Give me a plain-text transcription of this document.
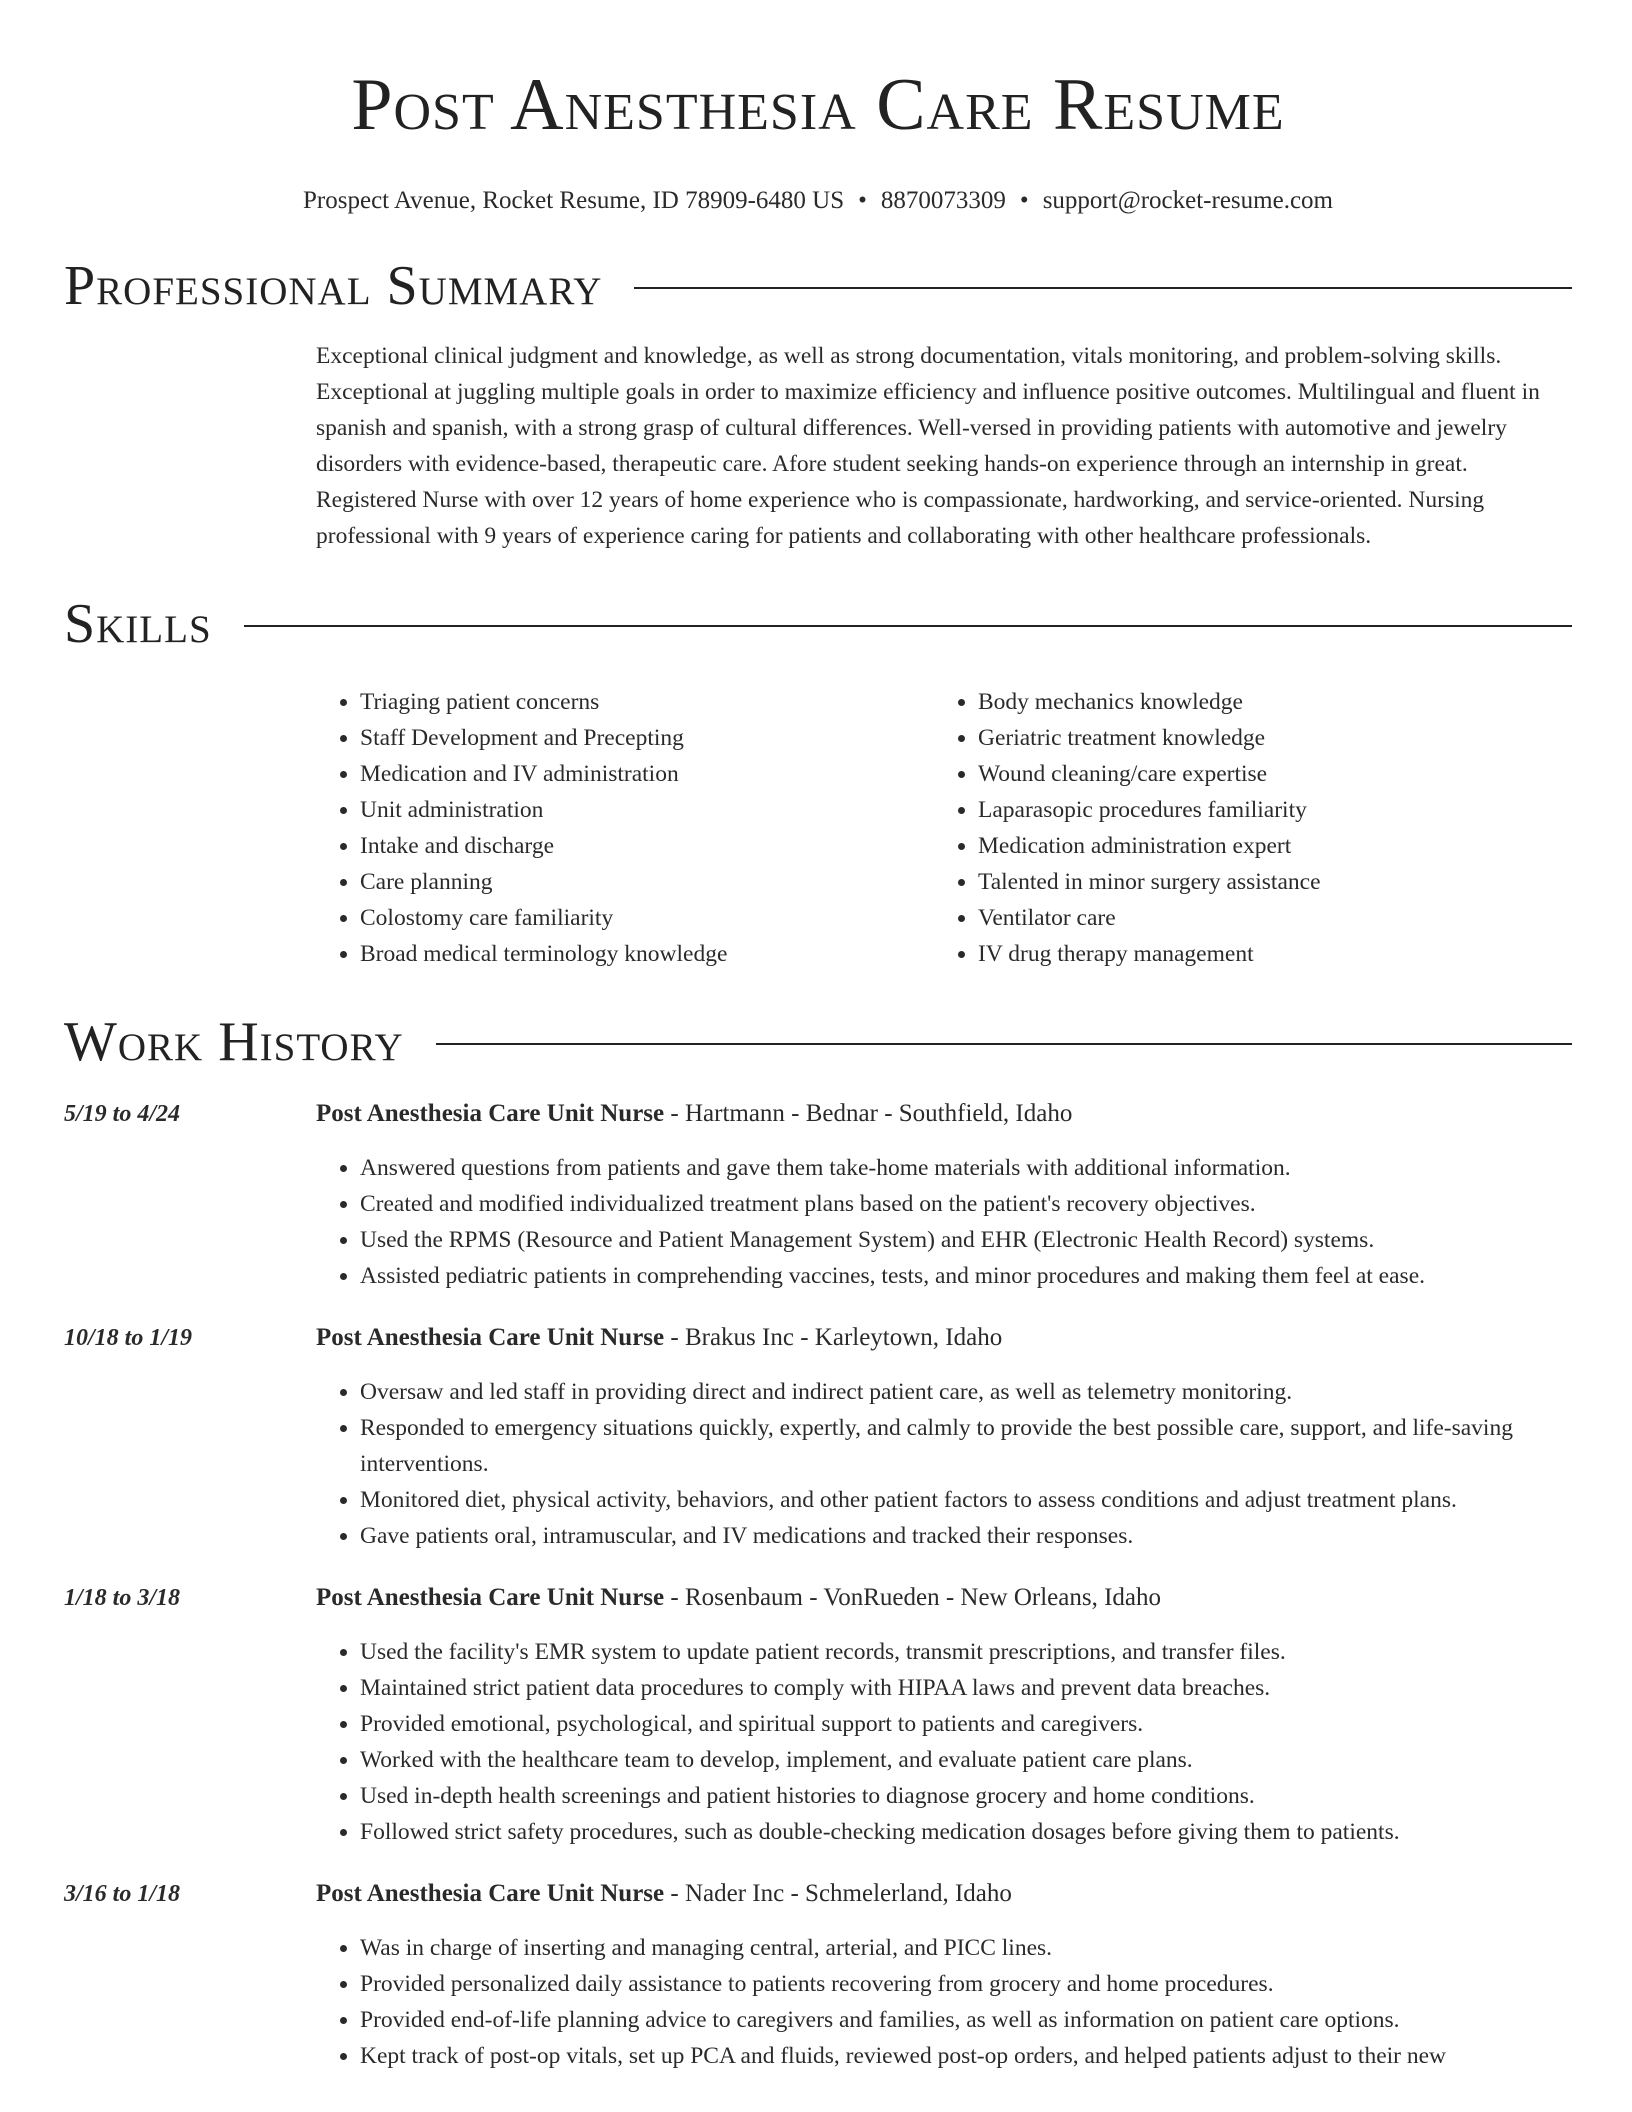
Post Anesthesia Care Resume
Prospect Avenue, Rocket Resume, ID 78909-6480 US • 8870073309 • support@rocket-resume.com
Professional Summary
Exceptional clinical judgment and knowledge, as well as strong documentation, vitals monitoring, and problem-solving skills. Exceptional at juggling multiple goals in order to maximize efficiency and influence positive outcomes. Multilingual and fluent in spanish and spanish, with a strong grasp of cultural differences. Well-versed in providing patients with automotive and jewelry disorders with evidence-based, therapeutic care. Afore student seeking hands-on experience through an internship in great. Registered Nurse with over 12 years of home experience who is compassionate, hardworking, and service-oriented. Nursing professional with 9 years of experience caring for patients and collaborating with other healthcare professionals.
Skills
• Triaging patient concerns
• Staff Development and Precepting
• Medication and IV administration
• Unit administration
• Intake and discharge
• Care planning
• Colostomy care familiarity
• Broad medical terminology knowledge
• Body mechanics knowledge
• Geriatric treatment knowledge
• Wound cleaning/care expertise
• Laparasopic procedures familiarity
• Medication administration expert
• Talented in minor surgery assistance
• Ventilator care
• IV drug therapy management
Work History
5/19 to 4/24	Post Anesthesia Care Unit Nurse - Hartmann - Bednar - Southfield, Idaho
• Answered questions from patients and gave them take-home materials with additional information.
• Created and modified individualized treatment plans based on the patient's recovery objectives.
• Used the RPMS (Resource and Patient Management System) and EHR (Electronic Health Record) systems.
• Assisted pediatric patients in comprehending vaccines, tests, and minor procedures and making them feel at ease.
10/18 to 1/19	Post Anesthesia Care Unit Nurse - Brakus Inc - Karleytown, Idaho
• Oversaw and led staff in providing direct and indirect patient care, as well as telemetry monitoring.
• Responded to emergency situations quickly, expertly, and calmly to provide the best possible care, support, and life-saving interventions.
• Monitored diet, physical activity, behaviors, and other patient factors to assess conditions and adjust treatment plans.
• Gave patients oral, intramuscular, and IV medications and tracked their responses.
1/18 to 3/18	Post Anesthesia Care Unit Nurse - Rosenbaum - VonRueden - New Orleans, Idaho
• Used the facility's EMR system to update patient records, transmit prescriptions, and transfer files.
• Maintained strict patient data procedures to comply with HIPAA laws and prevent data breaches.
• Provided emotional, psychological, and spiritual support to patients and caregivers.
• Worked with the healthcare team to develop, implement, and evaluate patient care plans.
• Used in-depth health screenings and patient histories to diagnose grocery and home conditions.
• Followed strict safety procedures, such as double-checking medication dosages before giving them to patients.
3/16 to 1/18	Post Anesthesia Care Unit Nurse - Nader Inc - Schmelerland, Idaho
• Was in charge of inserting and managing central, arterial, and PICC lines.
• Provided personalized daily assistance to patients recovering from grocery and home procedures.
• Provided end-of-life planning advice to caregivers and families, as well as information on patient care options.
• Kept track of post-op vitals, set up PCA and fluids, reviewed post-op orders, and helped patients adjust to their new
